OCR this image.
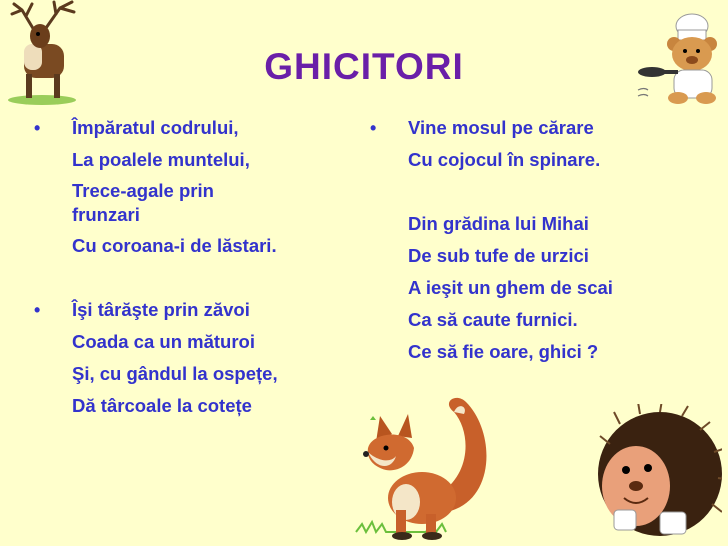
GHICITORI
• Împăratul codrului,
La poalele muntelui,
Trece-agale prin frunzari
Cu coroana-i de lăstari.
• Îşi târăşte prin zăvoi
Coada ca un măturoi
Şi, cu gândul la ospețe,
Dă târcoale la cotețe
• Vine mosul pe cărare
Cu cojocul în spinare.
Din grădina lui Mihai
De sub tufe de urzici
A ieşit un ghem de scai
Ca să caute furnici.
Ce să fie oare, ghici ?
